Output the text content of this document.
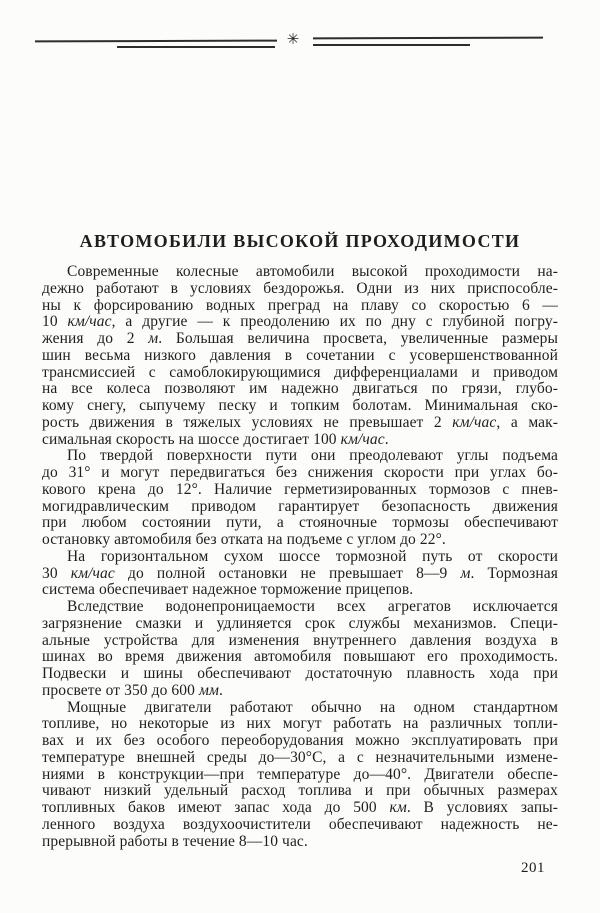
✳
АВТОМОБИЛИ ВЫСОКОЙ ПРОХОДИМОСТИ
Современные колесные автомобили высокой проходимости на-
дежно работают в условиях бездорожья. Одни из них приспособле-
ны к форсированию водных преград на плаву со скоростью 6 —
10 км/час, а другие — к преодолению их по дну с глубиной погру-
жения до 2 м. Большая величина просвета, увеличенные размеры
шин весьма низкого давления в сочетании с усовершенствованной
трансмиссией с самоблокирующимися дифференциалами и приводом
на все колеса позволяют им надежно двигаться по грязи, глубо-
кому снегу, сыпучему песку и топким болотам. Минимальная ско-
рость движения в тяжелых условиях не превышает 2 км/час, а мак-
симальная скорость на шоссе достигает 100 км/час.
По твердой поверхности пути они преодолевают углы подъема
до 31° и могут передвигаться без снижения скорости при углах бо-
кового крена до 12°. Наличие герметизированных тормозов с пнев-
могидравлическим приводом гарантирует безопасность движения
при любом состоянии пути, а стояночные тормозы обеспечивают
остановку автомобиля без отката на подъеме с углом до 22°.
На горизонтальном сухом шоссе тормозной путь от скорости
30 км/час до полной остановки не превышает 8—9 м. Тормозная
система обеспечивает надежное торможение прицепов.
Вследствие водонепроницаемости всех агрегатов исключается
загрязнение смазки и удлиняется срок службы механизмов. Специ-
альные устройства для изменения внутреннего давления воздуха в
шинах во время движения автомобиля повышают его проходимость.
Подвески и шины обеспечивают достаточную плавность хода при
просвете от 350 до 600 мм.
Мощные двигатели работают обычно на одном стандартном
топливе, но некоторые из них могут работать на различных топли-
вах и их без особого переоборудования можно эксплуатировать при
температуре внешней среды до—30°С, а с незначительными измене-
ниями в конструкции—при температуре до—40°. Двигатели обеспе-
чивают низкий удельный расход топлива и при обычных размерах
топливных баков имеют запас хода до 500 км. В условиях запы-
ленного воздуха воздухоочистители обеспечивают надежность не-
прерывной работы в течение 8—10 час.
201
